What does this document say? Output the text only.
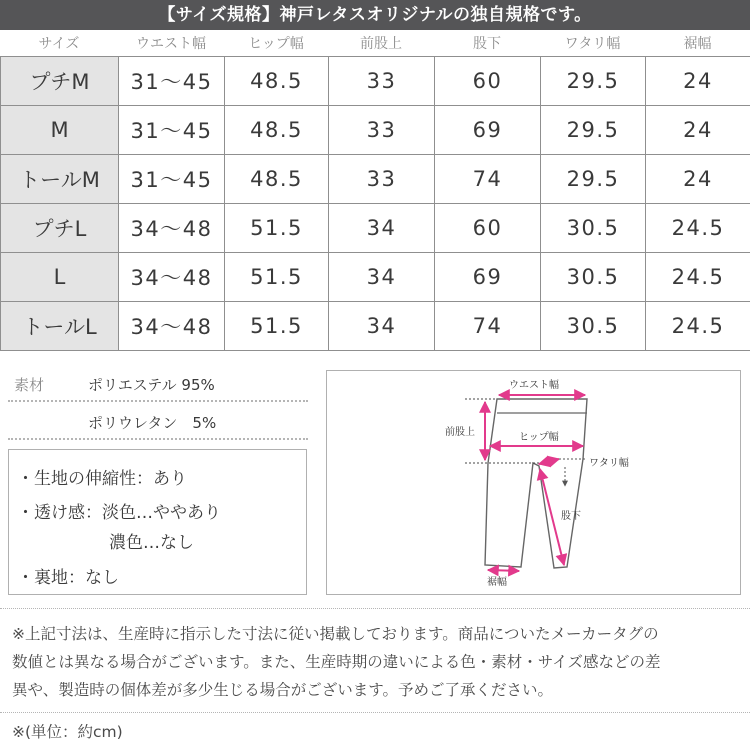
【サイズ規格】神戸レタスオリジナルの独自規格です。
サイズ	ウエスト幅	ヒップ幅	前股上	股下	ワタリ幅	裾幅
プチM	31〜45	48.5	33	60	29.5	24
M	31〜45	48.5	33	69	29.5	24
トールM	31〜45	48.5	33	74	29.5	24
プチL	34〜48	51.5	34	60	30.5	24.5
L	34〜48	51.5	34	69	30.5	24.5
トールL	34〜48	51.5	34	74	30.5	24.5
素材	ポリエステル 95%
ポリウレタン　5%
・生地の伸縮性：あり
・透け感：淡色…ややあり
濃色…なし
・裏地：なし
ウエスト幅
前股上	ヒップ幅
ワタリ幅
股下
裾幅
※上記寸法は、生産時に指示した寸法に従い掲載しております。商品についたメーカータグの
数値とは異なる場合がございます。また、生産時期の違いによる色・素材・サイズ感などの差
異や、製造時の個体差が多少生じる場合がございます。予めご了承ください。
※(単位：約cm)
